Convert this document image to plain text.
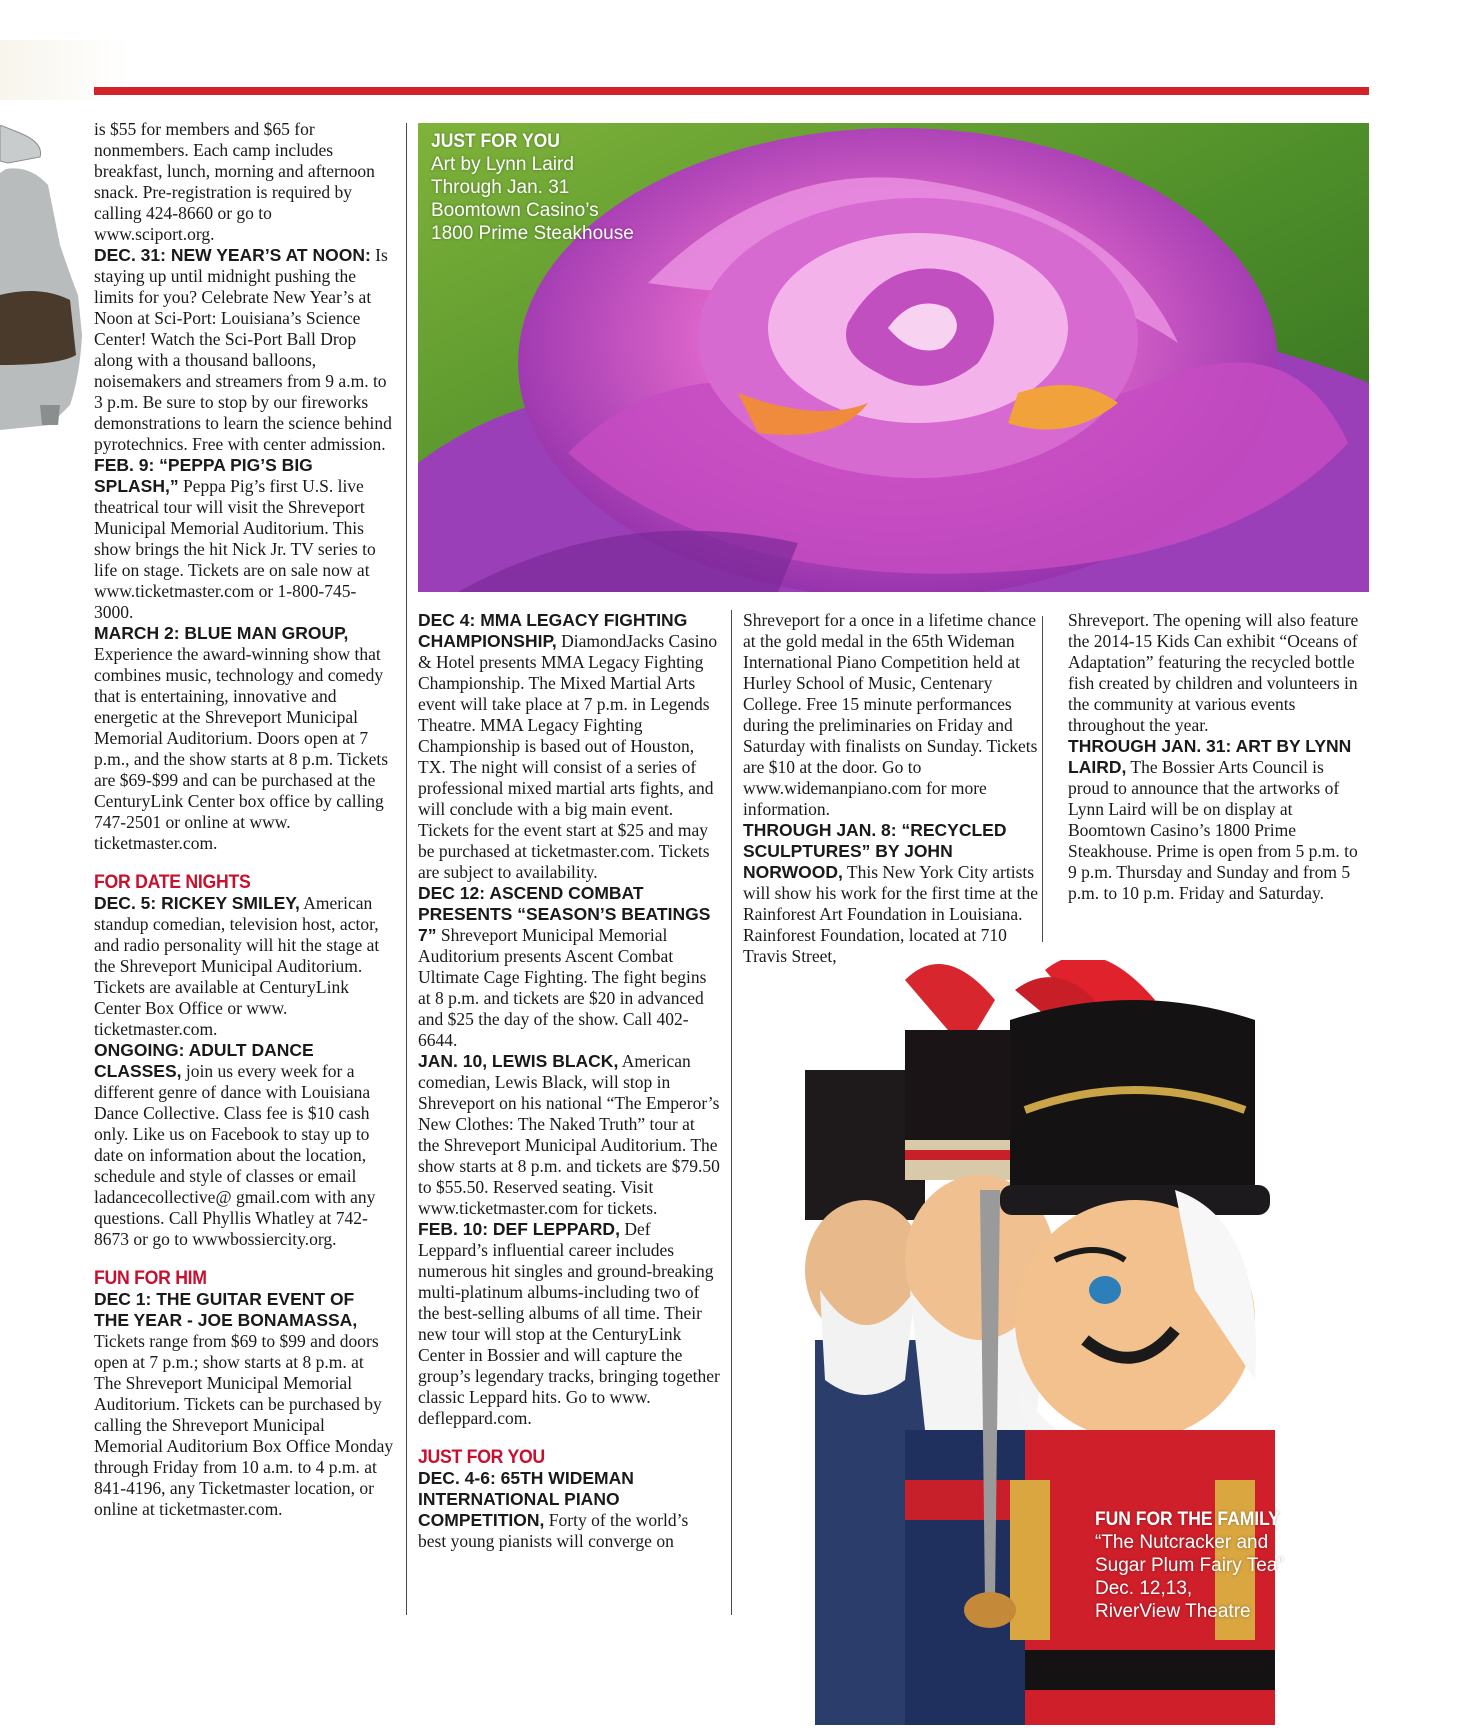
is $55 for members and $65 for nonmembers. Each camp includes breakfast, lunch, morning and afternoon snack. Pre-registration is required by calling 424-8660 or go to www.sciport.org.

DEC. 31: NEW YEAR’S AT NOON: Is staying up until midnight pushing the limits for you? Celebrate New Year’s at Noon at Sci-Port: Louisiana’s Science Center! Watch the Sci-Port Ball Drop along with a thousand balloons, noisemakers and streamers from 9 a.m. to 3 p.m. Be sure to stop by our fireworks demonstrations to learn the science behind pyrotechnics. Free with center admission.

FEB. 9: “PEPPA PIG’S BIG SPLASH,” Peppa Pig’s first U.S. live theatrical tour will visit the Shreveport Municipal Memorial Auditorium. This show brings the hit Nick Jr. TV series to life on stage. Tickets are on sale now at www.ticketmaster.com or 1-800-745-3000.

MARCH 2: BLUE MAN GROUP, Experience the award-winning show that combines music, technology and comedy that is entertaining, innovative and energetic at the Shreveport Municipal Memorial Auditorium. Doors open at 7 p.m., and the show starts at 8 p.m. Tickets are $69-$99 and can be purchased at the CenturyLink Center box office by calling 747-2501 or online at www. ticketmaster.com.

FOR DATE NIGHTS

DEC. 5: RICKEY SMILEY, American standup comedian, television host, actor, and radio personality will hit the stage at the Shreveport Municipal Auditorium. Tickets are available at CenturyLink Center Box Office or www. ticketmaster.com.

ONGOING: ADULT DANCE CLASSES, join us every week for a different genre of dance with Louisiana Dance Collective. Class fee is $10 cash only. Like us on Facebook to stay up to date on information about the location, schedule and style of classes or email ladancecollective@ gmail.com with any questions. Call Phyllis Whatley at 742-8673 or go to wwwbossiercity.org.

FUN FOR HIM

DEC 1: THE GUITAR EVENT OF THE YEAR - JOE BONAMASSA, Tickets range from $69 to $99 and doors open at 7 p.m.; show starts at 8 p.m. at The Shreveport Municipal Memorial Auditorium. Tickets can be purchased by calling the Shreveport Municipal Memorial Auditorium Box Office Monday through Friday from 10 a.m. to 4 p.m. at 841-4196, any Ticketmaster location, or online at ticketmaster.com.

JUST FOR YOU
Art by Lynn Laird
Through Jan. 31
Boomtown Casino’s
1800 Prime Steakhouse

DEC 4: MMA LEGACY FIGHTING CHAMPIONSHIP, DiamondJacks Casino & Hotel presents MMA Legacy Fighting Championship. The Mixed Martial Arts event will take place at 7 p.m. in Legends Theatre. MMA Legacy Fighting Championship is based out of Houston, TX. The night will consist of a series of professional mixed martial arts fights, and will conclude with a big main event. Tickets for the event start at $25 and may be purchased at ticketmaster.com. Tickets are subject to availability.

DEC 12: ASCEND COMBAT PRESENTS “SEASON’S BEATINGS 7” Shreveport Municipal Memorial Auditorium presents Ascent Combat Ultimate Cage Fighting. The fight begins at 8 p.m. and tickets are $20 in advanced and $25 the day of the show. Call 402-6644.

JAN. 10, LEWIS BLACK, American comedian, Lewis Black, will stop in Shreveport on his national “The Emperor’s New Clothes: The Naked Truth” tour at the Shreveport Municipal Auditorium. The show starts at 8 p.m. and tickets are $79.50 to $55.50. Reserved seating. Visit www.ticketmaster.com for tickets.

FEB. 10: DEF LEPPARD, Def Leppard’s influential career includes numerous hit singles and ground-breaking multi-platinum albums-including two of the best-selling albums of all time. Their new tour will stop at the CenturyLink Center in Bossier and will capture the group’s legendary tracks, bringing together classic Leppard hits. Go to www. defleppard.com.

JUST FOR YOU

DEC. 4-6: 65TH WIDEMAN INTERNATIONAL PIANO COMPETITION, Forty of the world’s best young pianists will converge on

Shreveport for a once in a lifetime chance at the gold medal in the 65th Wideman International Piano Competition held at Hurley School of Music, Centenary College. Free 15 minute performances during the preliminaries on Friday and Saturday with finalists on Sunday. Tickets are $10 at the door. Go to www.widemanpiano.com for more information.

THROUGH JAN. 8: “RECYCLED SCULPTURES” BY JOHN NORWOOD, This New York City artists will show his work for the first time at the Rainforest Art Foundation in Louisiana. Rainforest Foundation, located at 710 Travis Street,

Shreveport. The opening will also feature the 2014-15 Kids Can exhibit “Oceans of Adaptation” featuring the recycled bottle fish created by children and volunteers in the community at various events throughout the year.

THROUGH JAN. 31: ART BY LYNN LAIRD, The Bossier Arts Council is proud to announce that the artworks of Lynn Laird will be on display at Boomtown Casino’s 1800 Prime Steakhouse. Prime is open from 5 p.m. to 9 p.m. Thursday and Sunday and from 5 p.m. to 10 p.m. Friday and Saturday.

FUN FOR THE FAMILY
“The Nutcracker and
Sugar Plum Fairy Tea”
Dec. 12,13,
RiverView Theatre
